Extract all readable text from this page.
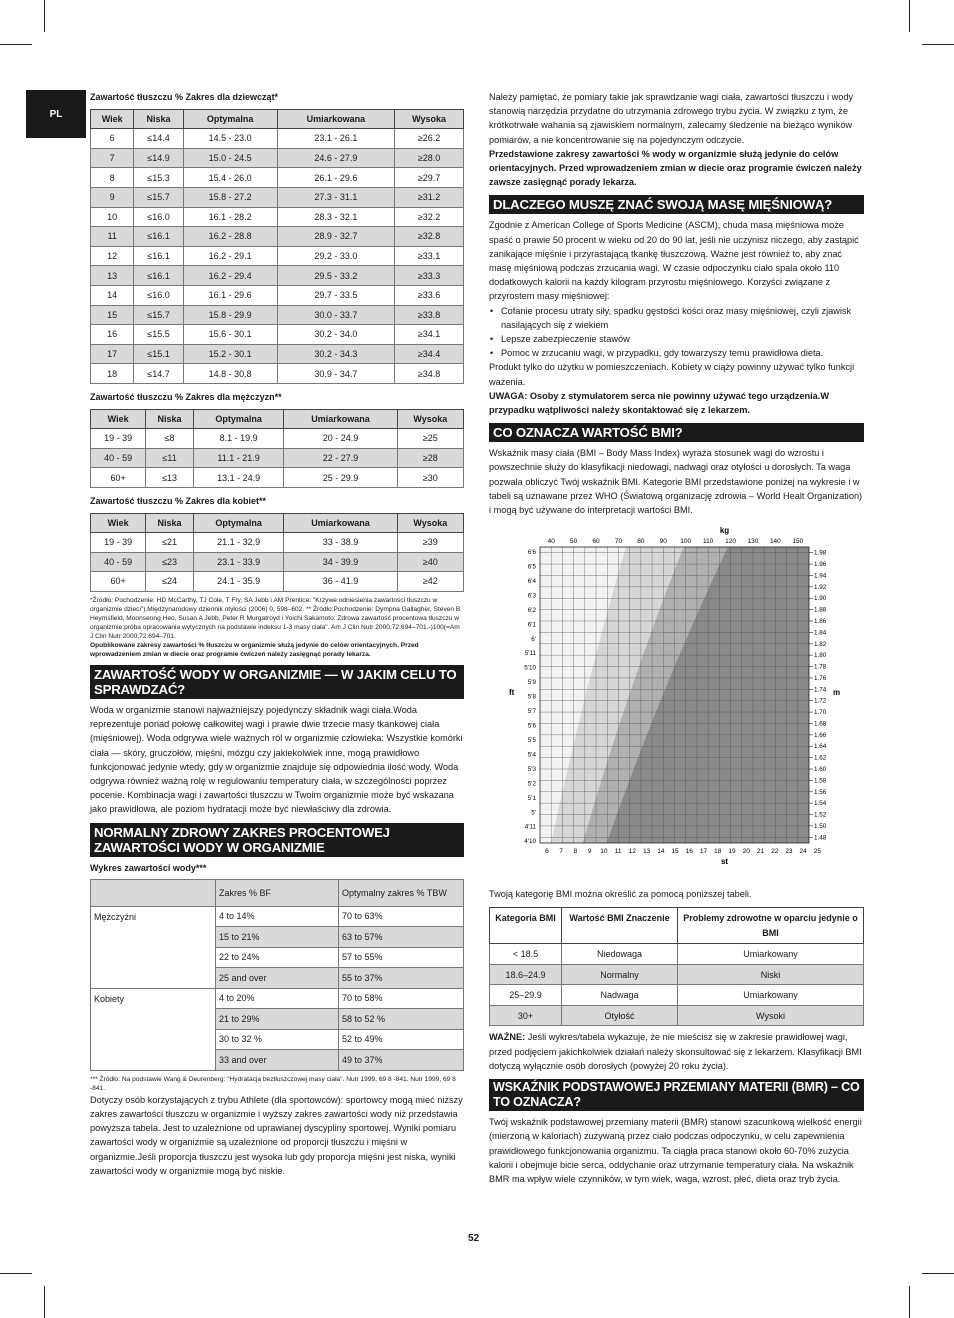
PL
Zawartość tłuszczu % Zakres dla dziewcząt*
Wiek	Niska	Optymalna	Umiarkowana	Wysoka
6	≤14.4	14.5 - 23.0	23.1 - 26.1	≥26.2
7	≤14.9	15.0 - 24.5	24.6 - 27.9	≥28.0
8	≤15.3	15.4 - 26.0	26.1 - 29.6	≥29.7
9	≤15.7	15.8 - 27.2	27.3 - 31.1	≥31.2
10	≤16.0	16.1 - 28.2	28.3 - 32.1	≥32.2
11	≤16.1	16.2 - 28.8	28.9 - 32.7	≥32.8
12	≤16.1	16.2 - 29.1	29.2 - 33.0	≥33.1
13	≤16.1	16.2 - 29.4	29.5 - 33.2	≥33.3
14	≤16.0	16.1 - 29.6	29.7 - 33.5	≥33.6
15	≤15.7	15.8 - 29.9	30.0 - 33.7	≥33.8
16	≤15.5	15.6 - 30.1	30.2 - 34.0	≥34.1
17	≤15.1	15.2 - 30.1	30.2 - 34.3	≥34.4
18	≤14.7	14.8 - 30.8	30.9 - 34.7	≥34.8
Zawartość tłuszczu % Zakres dla mężczyzn**
Wiek	Niska	Optymalna	Umiarkowana	Wysoka
19 - 39	≤8	8.1 - 19.9	20 - 24.9	≥25
40 - 59	≤11	11.1 - 21.9	22 - 27.9	≥28
60+	≤13	13.1 - 24.9	25 - 29.9	≥30
Zawartość tłuszczu % Zakres dla kobiet**
Wiek	Niska	Optymalna	Umiarkowana	Wysoka
19 - 39	≤21	21.1 - 32.9	33 - 38.9	≥39
40 - 59	≤23	23.1 - 33.9	34 - 39.9	≥40
60+	≤24	24.1 - 35.9	36 - 41.9	≥42
*Źródło: Pochodzenie: HD McCarthy, TJ Cole, T Fry, SA Jebb i AM Prentice: "Krzywe odniesienia zawartości tłuszczu w organizmie dzieci").Międzynarodowy dziennik otyłości (2006) 0, 598–602. ** Źródło:Pochodzenie: Dympna Gallagher, Steven B Heymsfield, Moonseong Heo, Susan A Jebb, Peter R Murgatroyd i Yoichi Sakamoto: Zdrowa zawartość procentowa tłuszczu w organizmie:próba opracowania wytycznych na podstawie indeksu 1-3 masy ciała". Am J Clin Nutr 2000;72:694–701.-)100(=Am J Clin Nutr 2000;72:694–701.
Opublikowane zakresy zawartości % tłuszczu w organizmie służą jedynie do celów orientacyjnych. Przed wprowadzeniem zmian w diecie oraz programie ćwiczeń należy zasięgnąć porady lekarza.
ZAWARTOŚĆ WODY W ORGANIZMIE — W JAKIM CELU TO SPRAWDZAĆ?

Woda w organizmie stanowi najważniejszy pojedynczy składnik wagi ciała.Woda reprezentuje ponad połowę całkowitej wagi i prawie dwie trzecie masy tkankowej ciała (mięśniowej). Woda odgrywa wiele ważnych ról w organizmie człowieka: Wszystkie komórki ciała — skóry, gruczołów, mięśni, mózgu czy jakiekolwiek inne, mogą prawidłowo funkcjonować jedynie wtedy, gdy w organizmie znajduje się odpowiednia ilość wody. Woda odgrywa również ważną rolę w regulowaniu temperatury ciała, w szczególności poprzez pocenie. Kombinacja wagi i zawartości tłuszczu w Twoim organizmie może być wskazana jako prawidłowa, ale poziom hydratacji może być niewłaściwy dla zdrowia.

NORMALNY ZDROWY ZAKRES PROCENTOWEJ ZAWARTOŚCI WODY W ORGANIZMIE
Wykres zawartości wody***
	Zakres % BF	Optymalny zakres % TBW
Mężczyźni	4 to 14%	70 to 63%
	15 to 21%	63 to 57%
	22 to 24%	57 to 55%
	25 and over	55 to 37%
Kobiety	4 to 20%	70 to 58%
	21 to 29%	58 to 52 %
	30 to 32 %	52 to 49%
	33 and over	49 to 37%
*** Źródło: Na podstawie Wang & Deurenberg: "Hydratacja beztłuszczowej masy ciała". Nutr 1999, 69 8 -841. Nutr 1999, 69 8 -841.

Dotyczy osób korzystających z trybu Athlete (dla sportowców): sportowcy mogą mieć niższy zakres zawartości tłuszczu w organizmie i wyższy zakres zawartości wody niż przedstawia powyższa tabela. Jest to uzależnione od uprawianej dyscypliny sportowej. Wyniki pomiaru zawartości wody w organizmie są uzależnione od proporcji tłuszczu i mięśni w organizmie.Jeśli proporcja tłuszczu jest wysoka lub gdy proporcja mięśni jest niska, wyniki zawartości wody w organizmie mogą być niskie.

Należy pamiętać, że pomiary takie jak sprawdzanie wagi ciała, zawartości tłuszczu i wody stanowią narzędzia przydatne do utrzymania zdrowego trybu życia. W związku z tym, że krótkotrwałe wahania są zjawiskiem normalnym, zalecamy śledzenie na bieżąco wyników pomiarów, a nie koncentrowanie się na pojedynczym odczycie.

Przedstawione zakresy zawartości % wody w organizmie służą jedynie do celów orientacyjnych. Przed wprowadzeniem zmian w diecie oraz programie ćwiczeń należy zawsze zasięgnąć porady lekarza.

DLACZEGO MUSZĘ ZNAĆ SWOJĄ MASĘ MIĘŚNIOWĄ?

Zgodnie z American College of Sports Medicine (ASCM), chuda masa mięśniowa może spaść o prawie 50 procent w wieku od 20 do 90 lat, jeśli nie uczynisz niczego, aby zastąpić zanikające mięśnie i przyrastającą tkankę tłuszczową. Ważne jest również to, aby znać masę mięśniową podczas zrzucania wagi. W czasie odpoczynku ciało spala około 110 dodatkowych kalorii na każdy kilogram przyrostu mięśniowego. Korzyści związane z przyrostem masy mięśniowej:

• Cofanie procesu utraty siły, spadku gęstości kości oraz masy mięśniowej, czyli zjawisk nasilających się z wiekiem
• Lepsze zabezpieczenie stawów
• Pomoc w zrzucaniu wagi, w przypadku, gdy towarzyszy temu prawidłowa dieta.

Produkt tylko do użytku w pomieszczeniach. Kobiety w ciąży powinny używać tylko funkcji ważenia.

UWAGA: Osoby z stymulatorem serca nie powinny używać tego urządzenia.W przypadku wątpliwości należy skontaktować się z lekarzem.

CO OZNACZA WARTOŚĆ BMI?

Wskaźnik masy ciała (BMI – Body Mass Index) wyraża stosunek wagi do wzrostu i powszechnie służy do klasyfikacji niedowagi, nadwagi oraz otyłości u dorosłych. Ta waga pozwala obliczyć Twój wskaźnik BMI. Kategorie BMI przedstawione poniżej na wykresie i w tabeli są uznawane przez WHO (Światową organizację zdrowia – World Healt Organization) i mogą być używane do interpretacji wartości BMI.

40 50 60 70 80 90 100 110 120 130 140 150
6 7 8 9 10 11 12 13 14 15 16 17 18 19 20 21 22 23 24 25
4'10
4'11
5'
5'1
5'2
5'3
5'4
5'5
5'6
5'7
5'8
5'9
5'10
5'11
6'
6'1
6'2
6'3
6'4
6'5
6'6
1.48
1.50
1.52
1.54
1.56
1.58
1.60
1.62
1.64
1.66
1.68
1.70
1.72
1.74
1.76
1.78
1.80
1.82
1.84
1.86
1.88
1.90
1.92
1.94
1.96
1.98
kg
st
ft	m

Twoją kategorię BMI można określić za pomocą poniższej tabeli.

Kategoria BMI	Wartość BMI Znaczenie	Problemy zdrowotne w oparciu jedynie o BMI
< 18.5	Niedowaga	Umiarkowany
18.6–24.9	Normalny	Niski
25–29.9	Nadwaga	Umiarkowany
30+	Otyłość	Wysoki

WAŻNE: Jeśli wykres/tabela wykazuje, że nie mieścisz się w zakresie prawidłowej wagi, przed podjęciem jakichkolwiek działań należy skonsultować się z lekarzem. Klasyfikacji BMI dotyczą wyłącznie osób dorosłych (powyżej 20 roku życia).

WSKAŹNIK PODSTAWOWEJ PRZEMIANY MATERII (BMR) – CO TO OZNACZA?

Twój wskaźnik podstawowej przemiany materii (BMR) stanowi szacunkową wielkość energii (mierzoną w kaloriach) zużywaną przez ciało podczas odpoczynku, w celu zapewnienia prawidłowego funkcjonowania organizmu. Ta ciągła praca stanowi około 60-70% zużycia kalorii i obejmuje bicie serca, oddychanie oraz utrzymanie temperatury ciała. Na wskaźnik BMR ma wpływ wiele czynników, w tym wiek, waga, wzrost, płeć, dieta oraz tryb życia.

52
